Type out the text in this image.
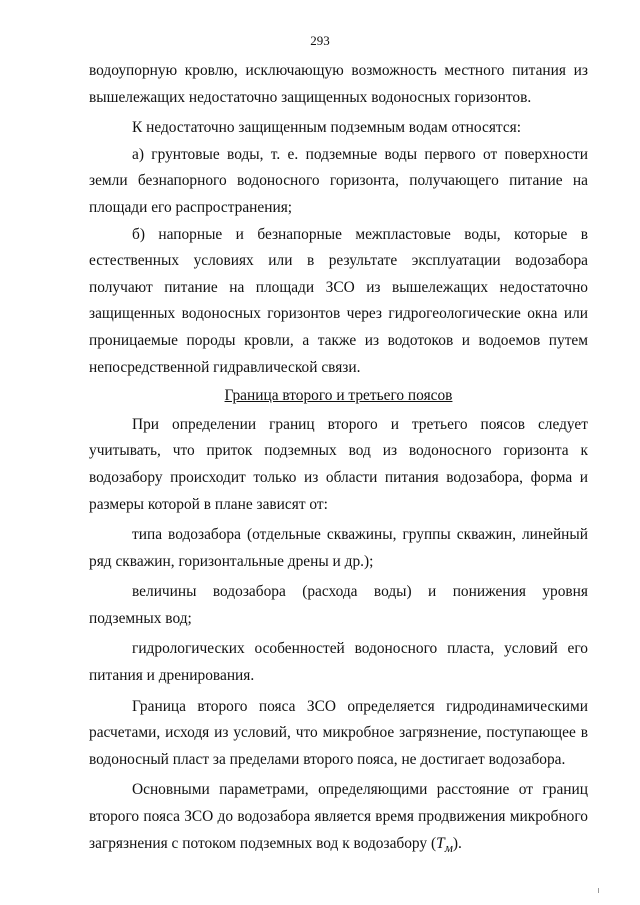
293

водоупорную кровлю, исключающую возможность местного питания из вышележащих недостаточно защищенных водоносных горизонтов.

К недостаточно защищенным подземным водам относятся:

а) грунтовые воды, т. е. подземные воды первого от поверхности земли безнапорного водоносного горизонта, получающего питание на площади его распространения;

б) напорные и безнапорные межпластовые воды, которые в естественных условиях или в результате эксплуатации водозабора получают питание на площади ЗСО из вышележащих недостаточно защищенных водоносных горизонтов через гидрогеологические окна или проницаемые породы кровли, а также из водотоков и водоемов путем непосредственной гидравлической связи.

Граница второго и третьего поясов

При определении границ второго и третьего поясов следует учитывать, что приток подземных вод из водоносного горизонта к водозабору происходит только из области питания водозабора, форма и размеры которой в плане зависят от:

типа водозабора (отдельные скважины, группы скважин, линейный ряд скважин, горизонтальные дрены и др.);

величины водозабора (расхода воды) и понижения уровня подземных вод;

гидрологических особенностей водоносного пласта, условий его питания и дренирования.

Граница второго пояса ЗСО определяется гидродинамическими расчетами, исходя из условий, что микробное загрязнение, поступающее в водоносный пласт за пределами второго пояса, не достигает водозабора.

Основными параметрами, определяющими расстояние от границ второго пояса ЗСО до водозабора является время продвижения микробного загрязнения с потоком подземных вод к водозабору $(T_м)$.
